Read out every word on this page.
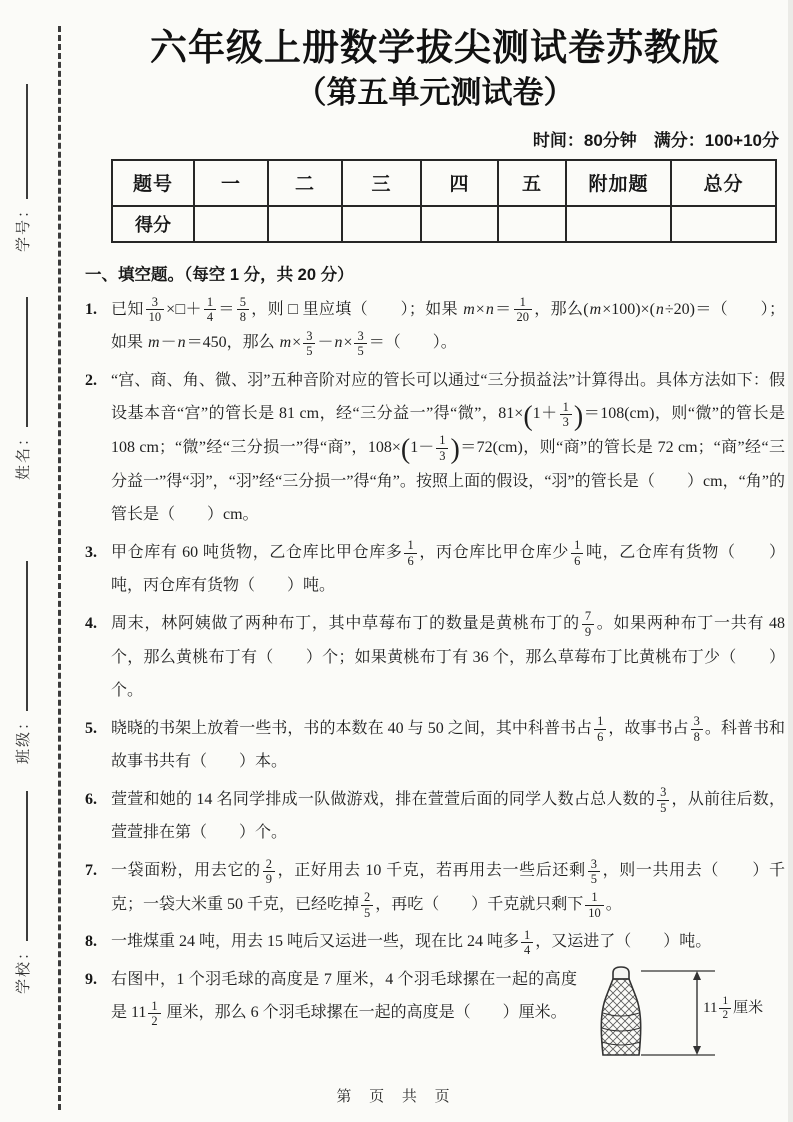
学号：
姓名：
班级：
学校：
六年级上册数学拔尖测试卷苏教版
（第五单元测试卷）
时间：80分钟　满分：100+10分
题号	一	二	三	四	五	附加题	总分
得分							
一、填空题。（每空 1 分，共 20 分）
1. 已知 $\frac{3}{10}$ ×□＋ $\frac{1}{4} = \frac{5}{8}$ ，则 □ 里应填（　　）；如果 $m\times n= \frac{1}{20}$ ，那么(m×100)×(n÷20)＝（　　）；如果 m－n＝450，那么 $m\times \frac{3}{5} -n\times \frac{3}{5}$ ＝（　　）。
2. “宫、商、角、微、羽”五种音阶对应的管长可以通过“三分损益法”计算得出。具体方法如下：假设基本音“宫”的管长是 81 cm，经“三分益一”得“微”，$81\times(1+ \frac{1}{3} )=108(cm)$，则“微”的管长是 108 cm；“微”经“三分损一”得“商”，$108\times(1- \frac{1}{3} )=72(cm)$，则“商”的管长是 72 cm；“商”经“三分益一”得“羽”，“羽”经“三分损一”得“角”。按照上面的假设，“羽”的管长是（　　）cm，“角”的管长是（　　）cm。
3. 甲仓库有 60 吨货物，乙仓库比甲仓库多 $\frac{1}{6}$ ，丙仓库比甲仓库少 $\frac{1}{6}$ 吨，乙仓库有货物（　　）吨，丙仓库有货物（　　）吨。
4. 周末，林阿姨做了两种布丁，其中草莓布丁的数量是黄桃布丁的 $\frac{7}{9}$ 。如果两种布丁一共有 48 个，那么黄桃布丁有（　　）个；如果黄桃布丁有 36 个，那么草莓布丁比黄桃布丁少（　　）个。
5. 晓晓的书架上放着一些书，书的本数在 40 与 50 之间，其中科普书占 $\frac{1}{6}$ ，故事书占 $\frac{3}{8}$ 。科普书和故事书共有（　　）本。
6. 萱萱和她的 14 名同学排成一队做游戏，排在萱萱后面的同学人数占总人数的 $\frac{3}{5}$ ，从前往后数，萱萱排在第（　　）个。
7. 一袋面粉，用去它的 $\frac{2}{9}$ ，正好用去 10 千克，若再用去一些后还剩 $\frac{3}{5}$ ，则一共用去（　　）千克；一袋大米重 50 千克，已经吃掉 $\frac{2}{5}$ ，再吃（　　）千克就只剩下 $\frac{1}{10}$ 。
8. 一堆煤重 24 吨，用去 15 吨后又运进一些，现在比 24 吨多 $\frac{1}{4}$ ，又运进了（　　）吨。
9.
$11 \frac{1}{2}$ 厘米
右图中，1 个羽毛球的高度是 7 厘米，4 个羽毛球摞在一起的高度是 $11 \frac{1}{2}$ 厘米，那么 6 个羽毛球摞在一起的高度是（　　）厘米。
第 页 共 页
